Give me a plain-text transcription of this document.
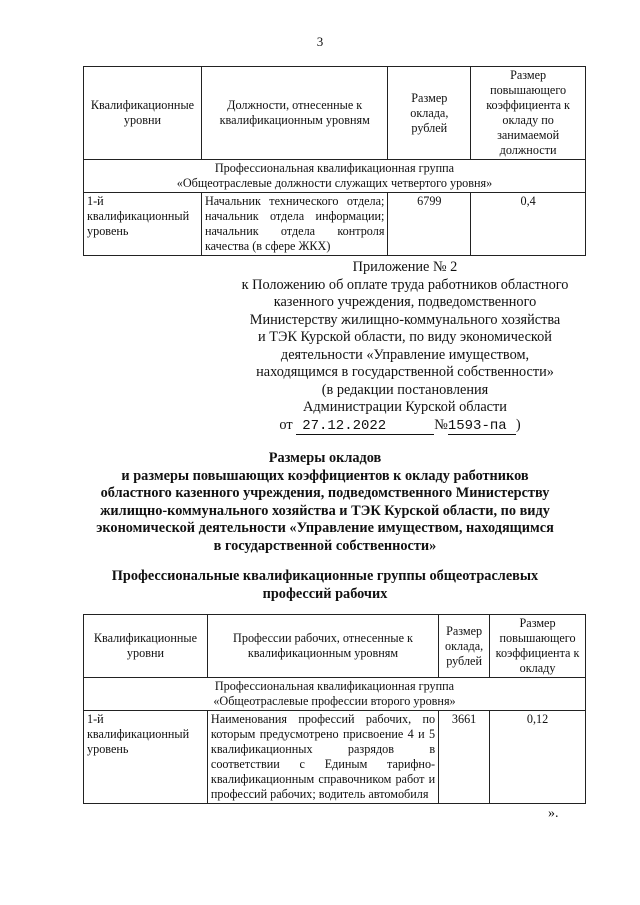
3
Квалификационные уровни	Должности, отнесенные к квалификационным уровням	Размер оклада, рублей	Размер повышающего коэффициента к окладу по занимаемой должности

Профессиональная квалификационная группа
«Общеотраслевые должности служащих четвертого уровня»			

1-й квалификационный уровень	Начальник технического отдела; начальник отдела информации; начальник отдела контроля качества (в сфере ЖКХ)	6799	0,4
Приложение № 2
к Положению об оплате труда работников областного
казенного учреждения, подведомственного
Министерству жилищно-коммунального хозяйства
и ТЭК Курской области, по виду экономической
деятельности «Управление имуществом,
находящимся в государственной собственности»
(в редакции постановления
Администрации Курской области
от 27.12.2022	№1593-па )
Размеры окладов
и размеры повышающих коэффициентов к окладу работников
областного казенного учреждения, подведомственного Министерству
жилищно-коммунального хозяйства и ТЭК Курской области, по виду
экономической деятельности «Управление имуществом, находящимся
в государственной собственности»
Профессиональные квалификационные группы общеотраслевых
профессий рабочих
Квалификационные уровни	Профессии рабочих, отнесенные к квалификационным уровням	Размер оклада, рублей	Размер повышающего коэффициента к окладу

Профессиональная квалификационная группа
«Общеотраслевые профессии второго уровня»			

1-й квалификационный уровень	Наименования профессий рабочих, по которым предусмотрено присвоение 4 и 5 квалификационных разрядов в соответствии с Единым тарифно-квалификационным справочником работ и профессий рабочих; водитель автомобиля	3661	0,12
».
